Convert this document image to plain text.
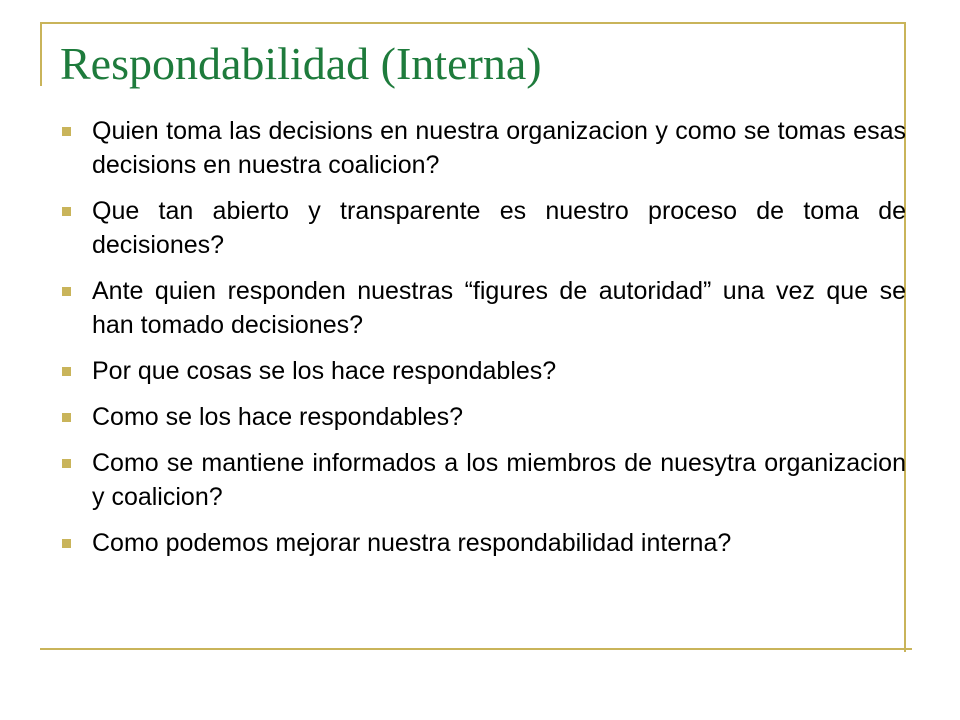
Respondabilidad (Interna)
Quien toma las decisions en nuestra organizacion y como se tomas esas decisions en nuestra coalicion?
Que tan abierto y transparente es nuestro proceso de toma de decisiones?
Ante quien responden nuestras “figures de autoridad” una vez que se han tomado decisiones?
Por que cosas se los hace respondables?
Como se los hace respondables?
Como se mantiene informados a los miembros de nuesytra organizacion y coalicion?
Como podemos mejorar nuestra respondabilidad interna?
